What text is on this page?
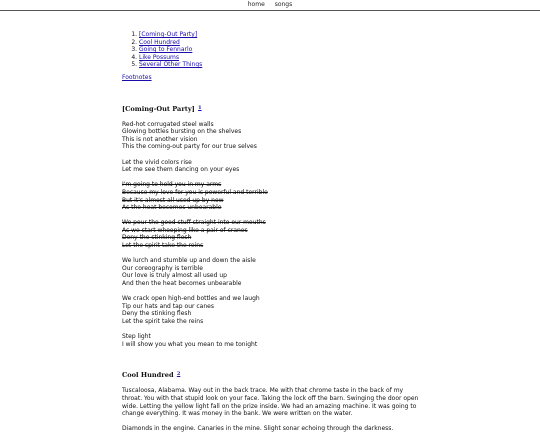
home songs
1. [Coming-Out Party]
2. Cool Hundred
3. Going to Fennarlo
4. Like Possums
5. Several Other Things
Footnotes
[Coming-Out Party] $^1$
Red-hot corrugated steel walls
Glowing bottles bursting on the shelves
This is not another vision
This the coming-out party for our true selves
Let the vivid colors rise
Let me see them dancing on your eyes
I'm going to hold you in my arms
Because my love for you is powerful and terrible
But it's almost all used up by now
As the heat becomes unbearable
We pour the good stuff straight into our mouths
As we start whooping like a pair of cranes
Deny the stinking flesh
Let the spirit take the reins
We lurch and stumble up and down the aisle
Our coreography is terrible
Our love is truly almost all used up
And then the heat becomes unbearable
We crack open high-end bottles and we laugh
Tip our hats and tap our canes
Deny the stinking flesh
Let the spirit take the reins
Step light
I will show you what you mean to me tonight
Cool Hundred $^2$
Tuscaloosa, Alabama. Way out in the back trace. Me with that chrome taste in the back of my throat. You with that stupid look on your face. Taking the lock off the barn. Swinging the door open wide. Letting the yellow light fall on the prize inside. We had an amazing machine. It was going to change everything. It was money in the bank. We were written on the water.
Diamonds in the engine. Canaries in the mine. Slight sonar echoing through the darkness.
